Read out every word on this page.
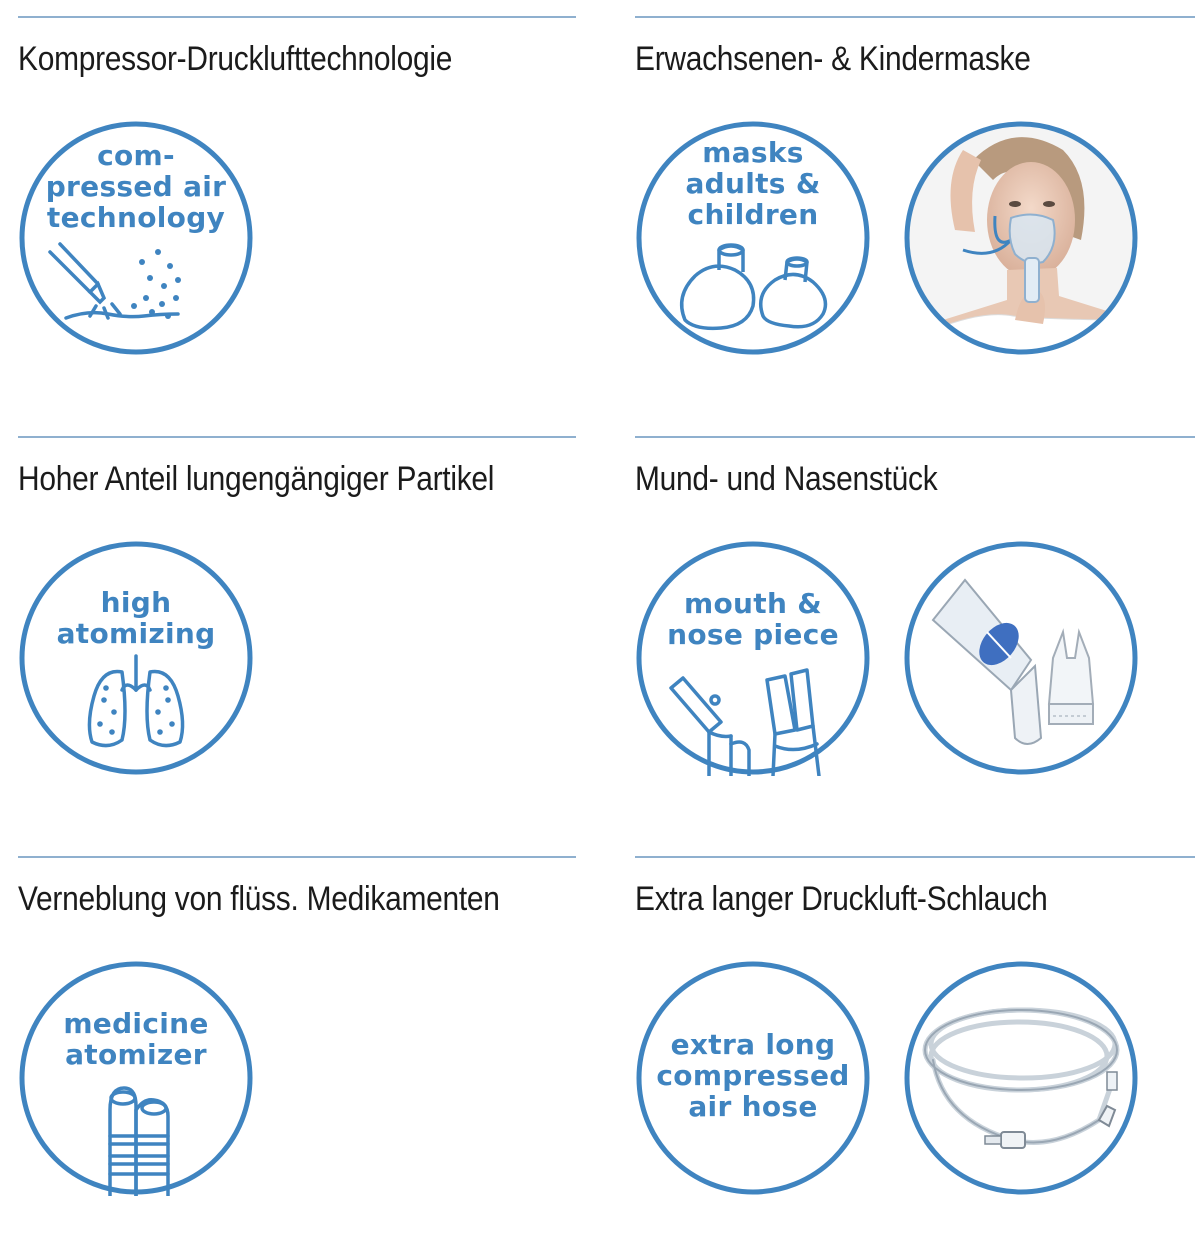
Kompressor-Drucklufttechnologie
com-
pressed air
technology
Erwachsenen- & Kindermaske
masks
adults &
children
Hoher Anteil lungengängiger Partikel
high
atomizing
Mund- und Nasenstück
mouth &
nose piece
Verneblung von flüss. Medikamenten
medicine
atomizer
Extra langer Druckluft-Schlauch
extra long
compressed
air hose
